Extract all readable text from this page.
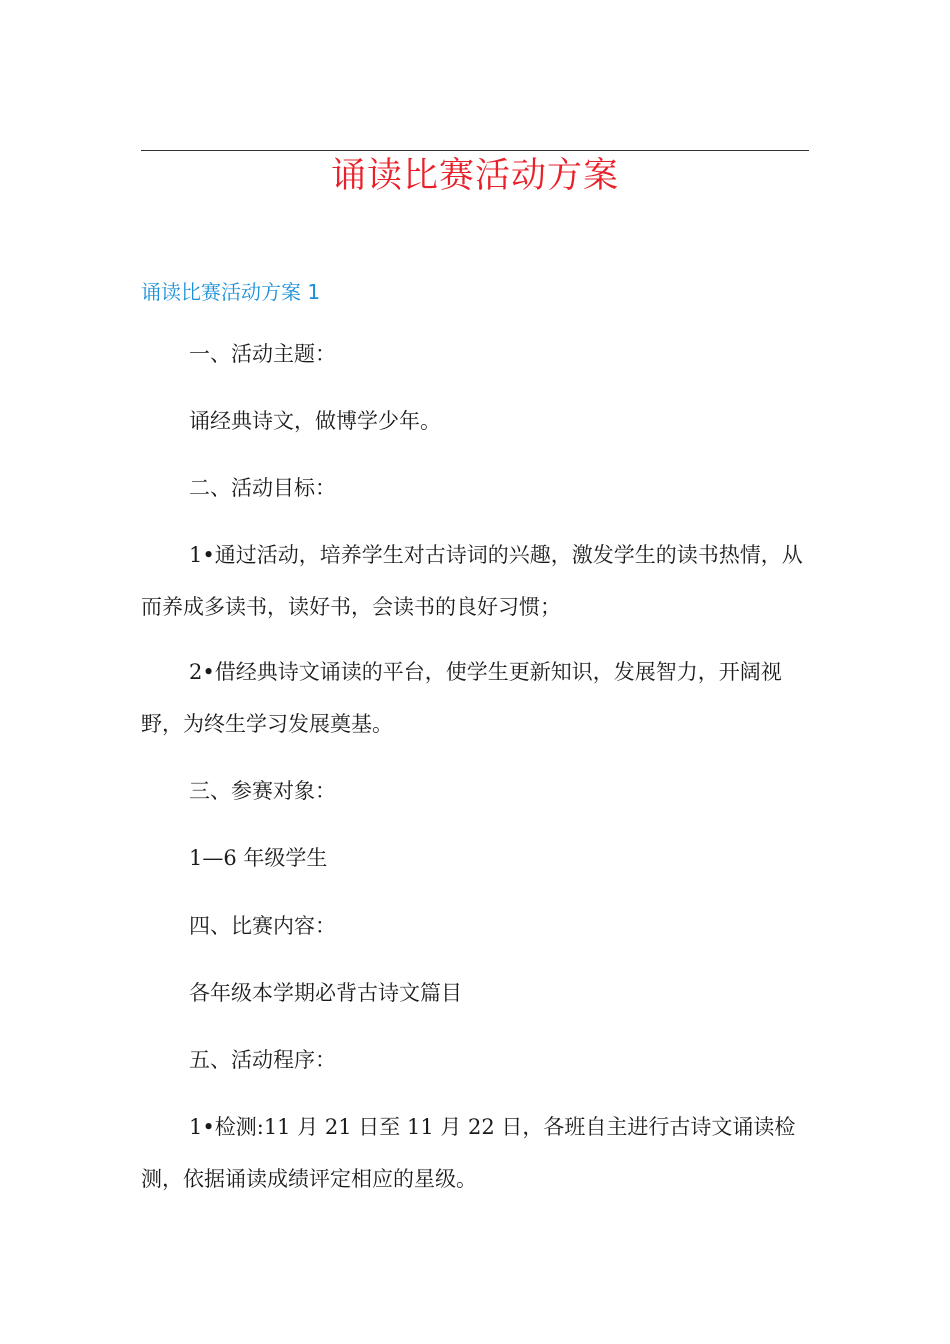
诵读比赛活动方案
诵读比赛活动方案 1

一、活动主题：

诵经典诗文，做博学少年。

二、活动目标：

1•通过活动，培养学生对古诗词的兴趣，激发学生的读书热情，从而养成多读书，读好书，会读书的良好习惯；

2•借经典诗文诵读的平台，使学生更新知识，发展智力，开阔视野，为终生学习发展奠基。

三、参赛对象：

1—6 年级学生

四、比赛内容：

各年级本学期必背古诗文篇目

五、活动程序：

1•检测:11 月 21 日至 11 月 22 日，各班自主进行古诗文诵读检测，依据诵读成绩评定相应的星级。
